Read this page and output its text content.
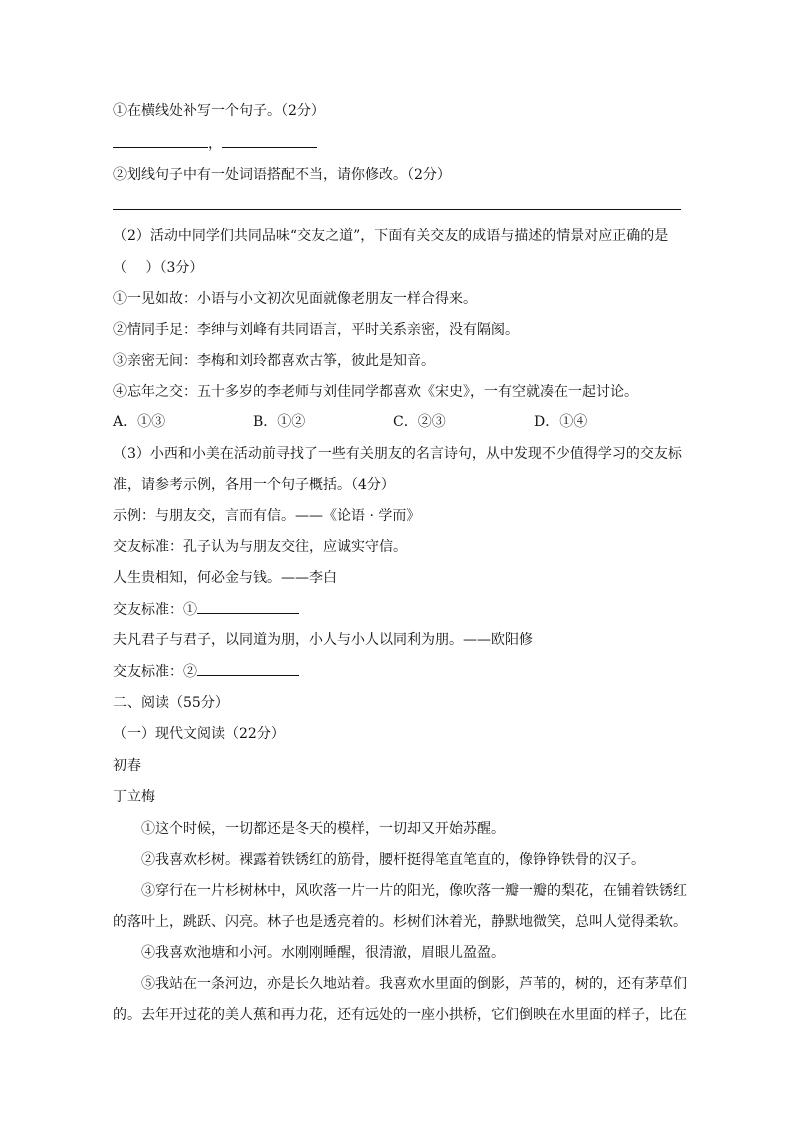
①在横线处补写一个句子。（2分）
，
②划线句子中有一处词语搭配不当，请你修改。（2分）
（2）活动中同学们共同品味“交友之道”，下面有关交友的成语与描述的情景对应正确的是
（　 ）（3分）
①一见如故：小语与小文初次见面就像老朋友一样合得来。
②情同手足：李绅与刘峰有共同语言，平时关系亲密，没有隔阂。
③亲密无间：李梅和刘玲都喜欢古筝，彼此是知音。
④忘年之交：五十多岁的李老师与刘佳同学都喜欢《宋史》，一有空就凑在一起讨论。
A．①③	B．①②	C．②③	D．①④
（3）小西和小美在活动前寻找了一些有关朋友的名言诗句，从中发现不少值得学习的交友标
准，请参考示例，各用一个句子概括。（4分）
示例：与朋友交，言而有信。——《论语 · 学而》
交友标准：孔子认为与朋友交往，应诚实守信。
人生贵相知，何必金与钱。——李白
交友标准：①
夫凡君子与君子，以同道为朋，小人与小人以同利为朋。——欧阳修
交友标准：②
二、阅读（55分）
（一）现代文阅读（22分）
初春
丁立梅
①这个时候，一切都还是冬天的模样，一切却又开始苏醒。
②我喜欢杉树。裸露着铁锈红的筋骨，腰杆挺得笔直笔直的，像铮铮铁骨的汉子。
③穿行在一片杉树林中，风吹落一片一片的阳光，像吹落一瓣一瓣的梨花，在铺着铁锈红
的落叶上，跳跃、闪亮。林子也是透亮着的。杉树们沐着光，静默地微笑，总叫人觉得柔软。
④我喜欢池塘和小河。水刚刚睡醒，很清澈，眉眼儿盈盈。
⑤我站在一条河边，亦是长久地站着。我喜欢水里面的倒影，芦苇的，树的，还有茅草们
的。去年开过花的美人蕉和再力花，还有远处的一座小拱桥，它们倒映在水里面的样子，比在
